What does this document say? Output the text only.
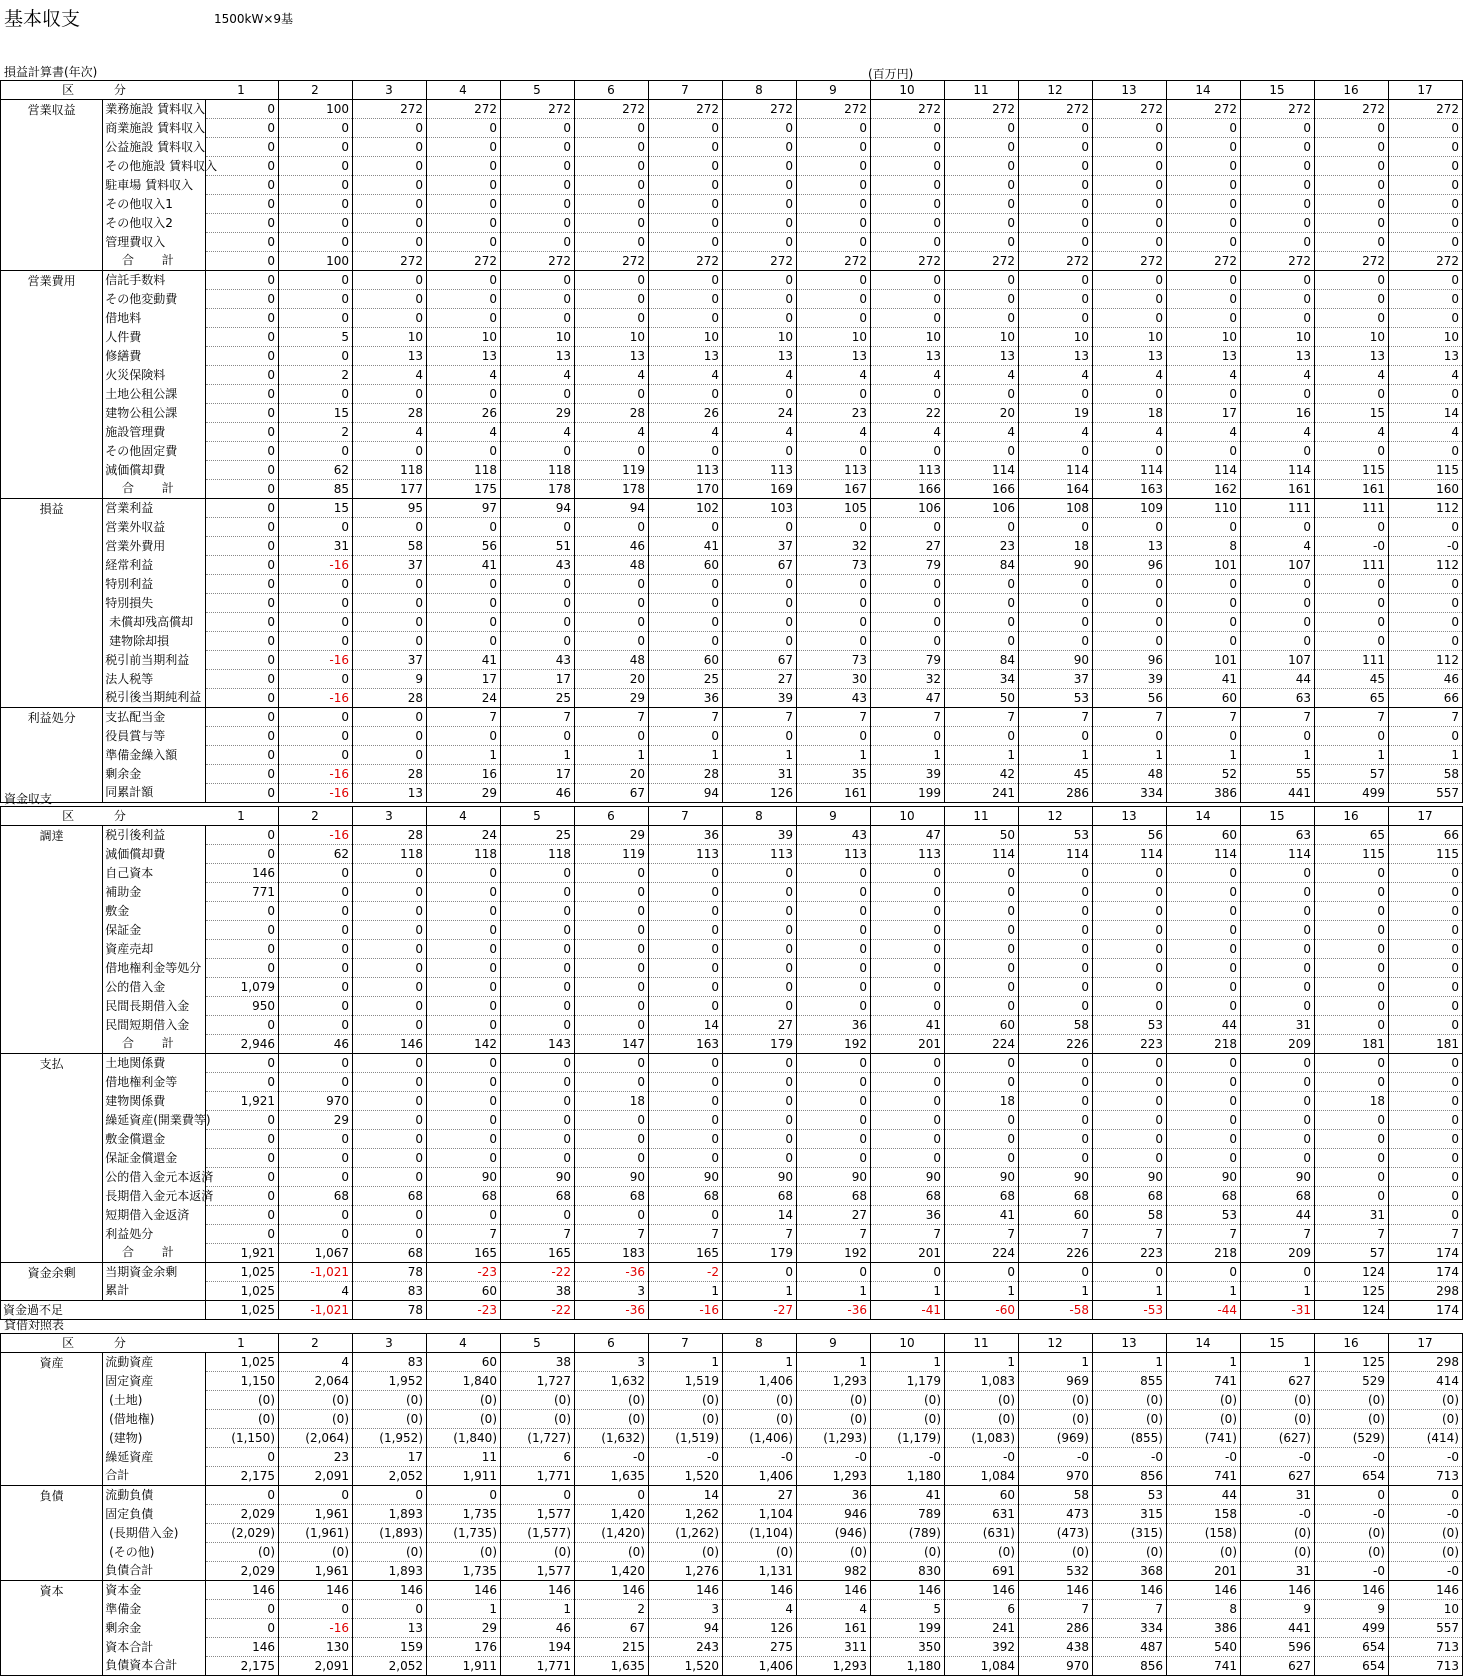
基本収支	1500kW×9基
損益計算書(年次)	(百万円)
区 分		1	2	3	4	5	6	7	8	9	10	11	12	13	14	15	16	17
営業収益	業務施設 賃料収入	0	100	272	272	272	272	272	272	272	272	272	272	272	272	272	272	272
	商業施設 賃料収入	0	0	0	0	0	0	0	0	0	0	0	0	0	0	0	0	0
	公益施設 賃料収入	0	0	0	0	0	0	0	0	0	0	0	0	0	0	0	0	0
	その他施設 賃料収入	0	0	0	0	0	0	0	0	0	0	0	0	0	0	0	0	0
	駐車場 賃料収入	0	0	0	0	0	0	0	0	0	0	0	0	0	0	0	0	0
	その他収入1	0	0	0	0	0	0	0	0	0	0	0	0	0	0	0	0	0
	その他収入2	0	0	0	0	0	0	0	0	0	0	0	0	0	0	0	0	0
	管理費収入	0	0	0	0	0	0	0	0	0	0	0	0	0	0	0	0	0
	合 計	0	100	272	272	272	272	272	272	272	272	272	272	272	272	272	272	272
営業費用	信託手数料	0	0	0	0	0	0	0	0	0	0	0	0	0	0	0	0	0
	その他変動費	0	0	0	0	0	0	0	0	0	0	0	0	0	0	0	0	0
	借地料	0	0	0	0	0	0	0	0	0	0	0	0	0	0	0	0	0
	人件費	0	5	10	10	10	10	10	10	10	10	10	10	10	10	10	10	10
	修繕費	0	0	13	13	13	13	13	13	13	13	13	13	13	13	13	13	13
	火災保険料	0	2	4	4	4	4	4	4	4	4	4	4	4	4	4	4	4
	土地公租公課	0	0	0	0	0	0	0	0	0	0	0	0	0	0	0	0	0
	建物公租公課	0	15	28	26	29	28	26	24	23	22	20	19	18	17	16	15	14
	施設管理費	0	2	4	4	4	4	4	4	4	4	4	4	4	4	4	4	4
	その他固定費	0	0	0	0	0	0	0	0	0	0	0	0	0	0	0	0	0
	減価償却費	0	62	118	118	118	119	113	113	113	113	114	114	114	114	114	115	115
	合 計	0	85	177	175	178	178	170	169	167	166	166	164	163	162	161	161	160
損益	営業利益	0	15	95	97	94	94	102	103	105	106	106	108	109	110	111	111	112
	営業外収益	0	0	0	0	0	0	0	0	0	0	0	0	0	0	0	0	0
	営業外費用	0	31	58	56	51	46	41	37	32	27	23	18	13	8	4	-0	-0
	経常利益	0	-16	37	41	43	48	60	67	73	79	84	90	96	101	107	111	112
	特別利益	0	0	0	0	0	0	0	0	0	0	0	0	0	0	0	0	0
	特別損失	0	0	0	0	0	0	0	0	0	0	0	0	0	0	0	0	0
	未償却残高償却	0	0	0	0	0	0	0	0	0	0	0	0	0	0	0	0	0
	建物除却損	0	0	0	0	0	0	0	0	0	0	0	0	0	0	0	0	0
	税引前当期利益	0	-16	37	41	43	48	60	67	73	79	84	90	96	101	107	111	112
	法人税等	0	0	9	17	17	20	25	27	30	32	34	37	39	41	44	45	46
	税引後当期純利益	0	-16	28	24	25	29	36	39	43	47	50	53	56	60	63	65	66
利益処分	支払配当金	0	0	0	7	7	7	7	7	7	7	7	7	7	7	7	7	7
	役員賞与等	0	0	0	0	0	0	0	0	0	0	0	0	0	0	0	0	0
	準備金繰入額	0	0	0	1	1	1	1	1	1	1	1	1	1	1	1	1	1
	剰余金	0	-16	28	16	17	20	28	31	35	39	42	45	48	52	55	57	58
	同累計額	0	-16	13	29	46	67	94	126	161	199	241	286	334	386	441	499	557
資金収支
区 分		1	2	3	4	5	6	7	8	9	10	11	12	13	14	15	16	17
調達	税引後利益	0	-16	28	24	25	29	36	39	43	47	50	53	56	60	63	65	66
	減価償却費	0	62	118	118	118	119	113	113	113	113	114	114	114	114	114	115	115
	自己資本	146	0	0	0	0	0	0	0	0	0	0	0	0	0	0	0	0
	補助金	771	0	0	0	0	0	0	0	0	0	0	0	0	0	0	0	0
	敷金	0	0	0	0	0	0	0	0	0	0	0	0	0	0	0	0	0
	保証金	0	0	0	0	0	0	0	0	0	0	0	0	0	0	0	0	0
	資産売却	0	0	0	0	0	0	0	0	0	0	0	0	0	0	0	0	0
	借地権利金等処分	0	0	0	0	0	0	0	0	0	0	0	0	0	0	0	0	0
	公的借入金	1,079	0	0	0	0	0	0	0	0	0	0	0	0	0	0	0	0
	民間長期借入金	950	0	0	0	0	0	0	0	0	0	0	0	0	0	0	0	0
	民間短期借入金	0	0	0	0	0	0	14	27	36	41	60	58	53	44	31	0	0
	合 計	2,946	46	146	142	143	147	163	179	192	201	224	226	223	218	209	181	181
支払	土地関係費	0	0	0	0	0	0	0	0	0	0	0	0	0	0	0	0	0
	借地権利金等	0	0	0	0	0	0	0	0	0	0	0	0	0	0	0	0	0
	建物関係費	1,921	970	0	0	0	18	0	0	0	0	18	0	0	0	0	18	0
	繰延資産(開業費等)	0	29	0	0	0	0	0	0	0	0	0	0	0	0	0	0	0
	敷金償還金	0	0	0	0	0	0	0	0	0	0	0	0	0	0	0	0	0
	保証金償還金	0	0	0	0	0	0	0	0	0	0	0	0	0	0	0	0	0
	公的借入金元本返済	0	0	0	90	90	90	90	90	90	90	90	90	90	90	90	0	0
	長期借入金元本返済	0	68	68	68	68	68	68	68	68	68	68	68	68	68	68	0	0
	短期借入金返済	0	0	0	0	0	0	0	14	27	36	41	60	58	53	44	31	0
	利益処分	0	0	0	7	7	7	7	7	7	7	7	7	7	7	7	7	7
	合 計	1,921	1,067	68	165	165	183	165	179	192	201	224	226	223	218	209	57	174
資金余剰	当期資金余剰	1,025	-1,021	78	-23	-22	-36	-2	0	0	0	0	0	0	0	0	124	174
	累計	1,025	4	83	60	38	3	1	1	1	1	1	1	1	1	1	125	298
資金過不足		1,025	-1,021	78	-23	-22	-36	-16	-27	-36	-41	-60	-58	-53	-44	-31	124	174
貸借対照表
区 分		1	2	3	4	5	6	7	8	9	10	11	12	13	14	15	16	17
資産	流動資産	1,025	4	83	60	38	3	1	1	1	1	1	1	1	1	1	125	298
	固定資産	1,150	2,064	1,952	1,840	1,727	1,632	1,519	1,406	1,293	1,179	1,083	969	855	741	627	529	414
	(土地)	(0)	(0)	(0)	(0)	(0)	(0)	(0)	(0)	(0)	(0)	(0)	(0)	(0)	(0)	(0)	(0)	(0)
	(借地権)	(0)	(0)	(0)	(0)	(0)	(0)	(0)	(0)	(0)	(0)	(0)	(0)	(0)	(0)	(0)	(0)	(0)
	(建物)	(1,150)	(2,064)	(1,952)	(1,840)	(1,727)	(1,632)	(1,519)	(1,406)	(1,293)	(1,179)	(1,083)	(969)	(855)	(741)	(627)	(529)	(414)
	繰延資産	0	23	17	11	6	-0	-0	-0	-0	-0	-0	-0	-0	-0	-0	-0	-0
	合計	2,175	2,091	2,052	1,911	1,771	1,635	1,520	1,406	1,293	1,180	1,084	970	856	741	627	654	713
負債	流動負債	0	0	0	0	0	0	14	27	36	41	60	58	53	44	31	0	0
	固定負債	2,029	1,961	1,893	1,735	1,577	1,420	1,262	1,104	946	789	631	473	315	158	-0	-0	-0
	(長期借入金)	(2,029)	(1,961)	(1,893)	(1,735)	(1,577)	(1,420)	(1,262)	(1,104)	(946)	(789)	(631)	(473)	(315)	(158)	(0)	(0)	(0)
	(その他)	(0)	(0)	(0)	(0)	(0)	(0)	(0)	(0)	(0)	(0)	(0)	(0)	(0)	(0)	(0)	(0)	(0)
	負債合計	2,029	1,961	1,893	1,735	1,577	1,420	1,276	1,131	982	830	691	532	368	201	31	-0	-0
資本	資本金	146	146	146	146	146	146	146	146	146	146	146	146	146	146	146	146	146
	準備金	0	0	0	1	1	2	3	4	4	5	6	7	7	8	9	9	10
	剰余金	0	-16	13	29	46	67	94	126	161	199	241	286	334	386	441	499	557
	資本合計	146	130	159	176	194	215	243	275	311	350	392	438	487	540	596	654	713
	負債資本合計	2,175	2,091	2,052	1,911	1,771	1,635	1,520	1,406	1,293	1,180	1,084	970	856	741	627	654	713
